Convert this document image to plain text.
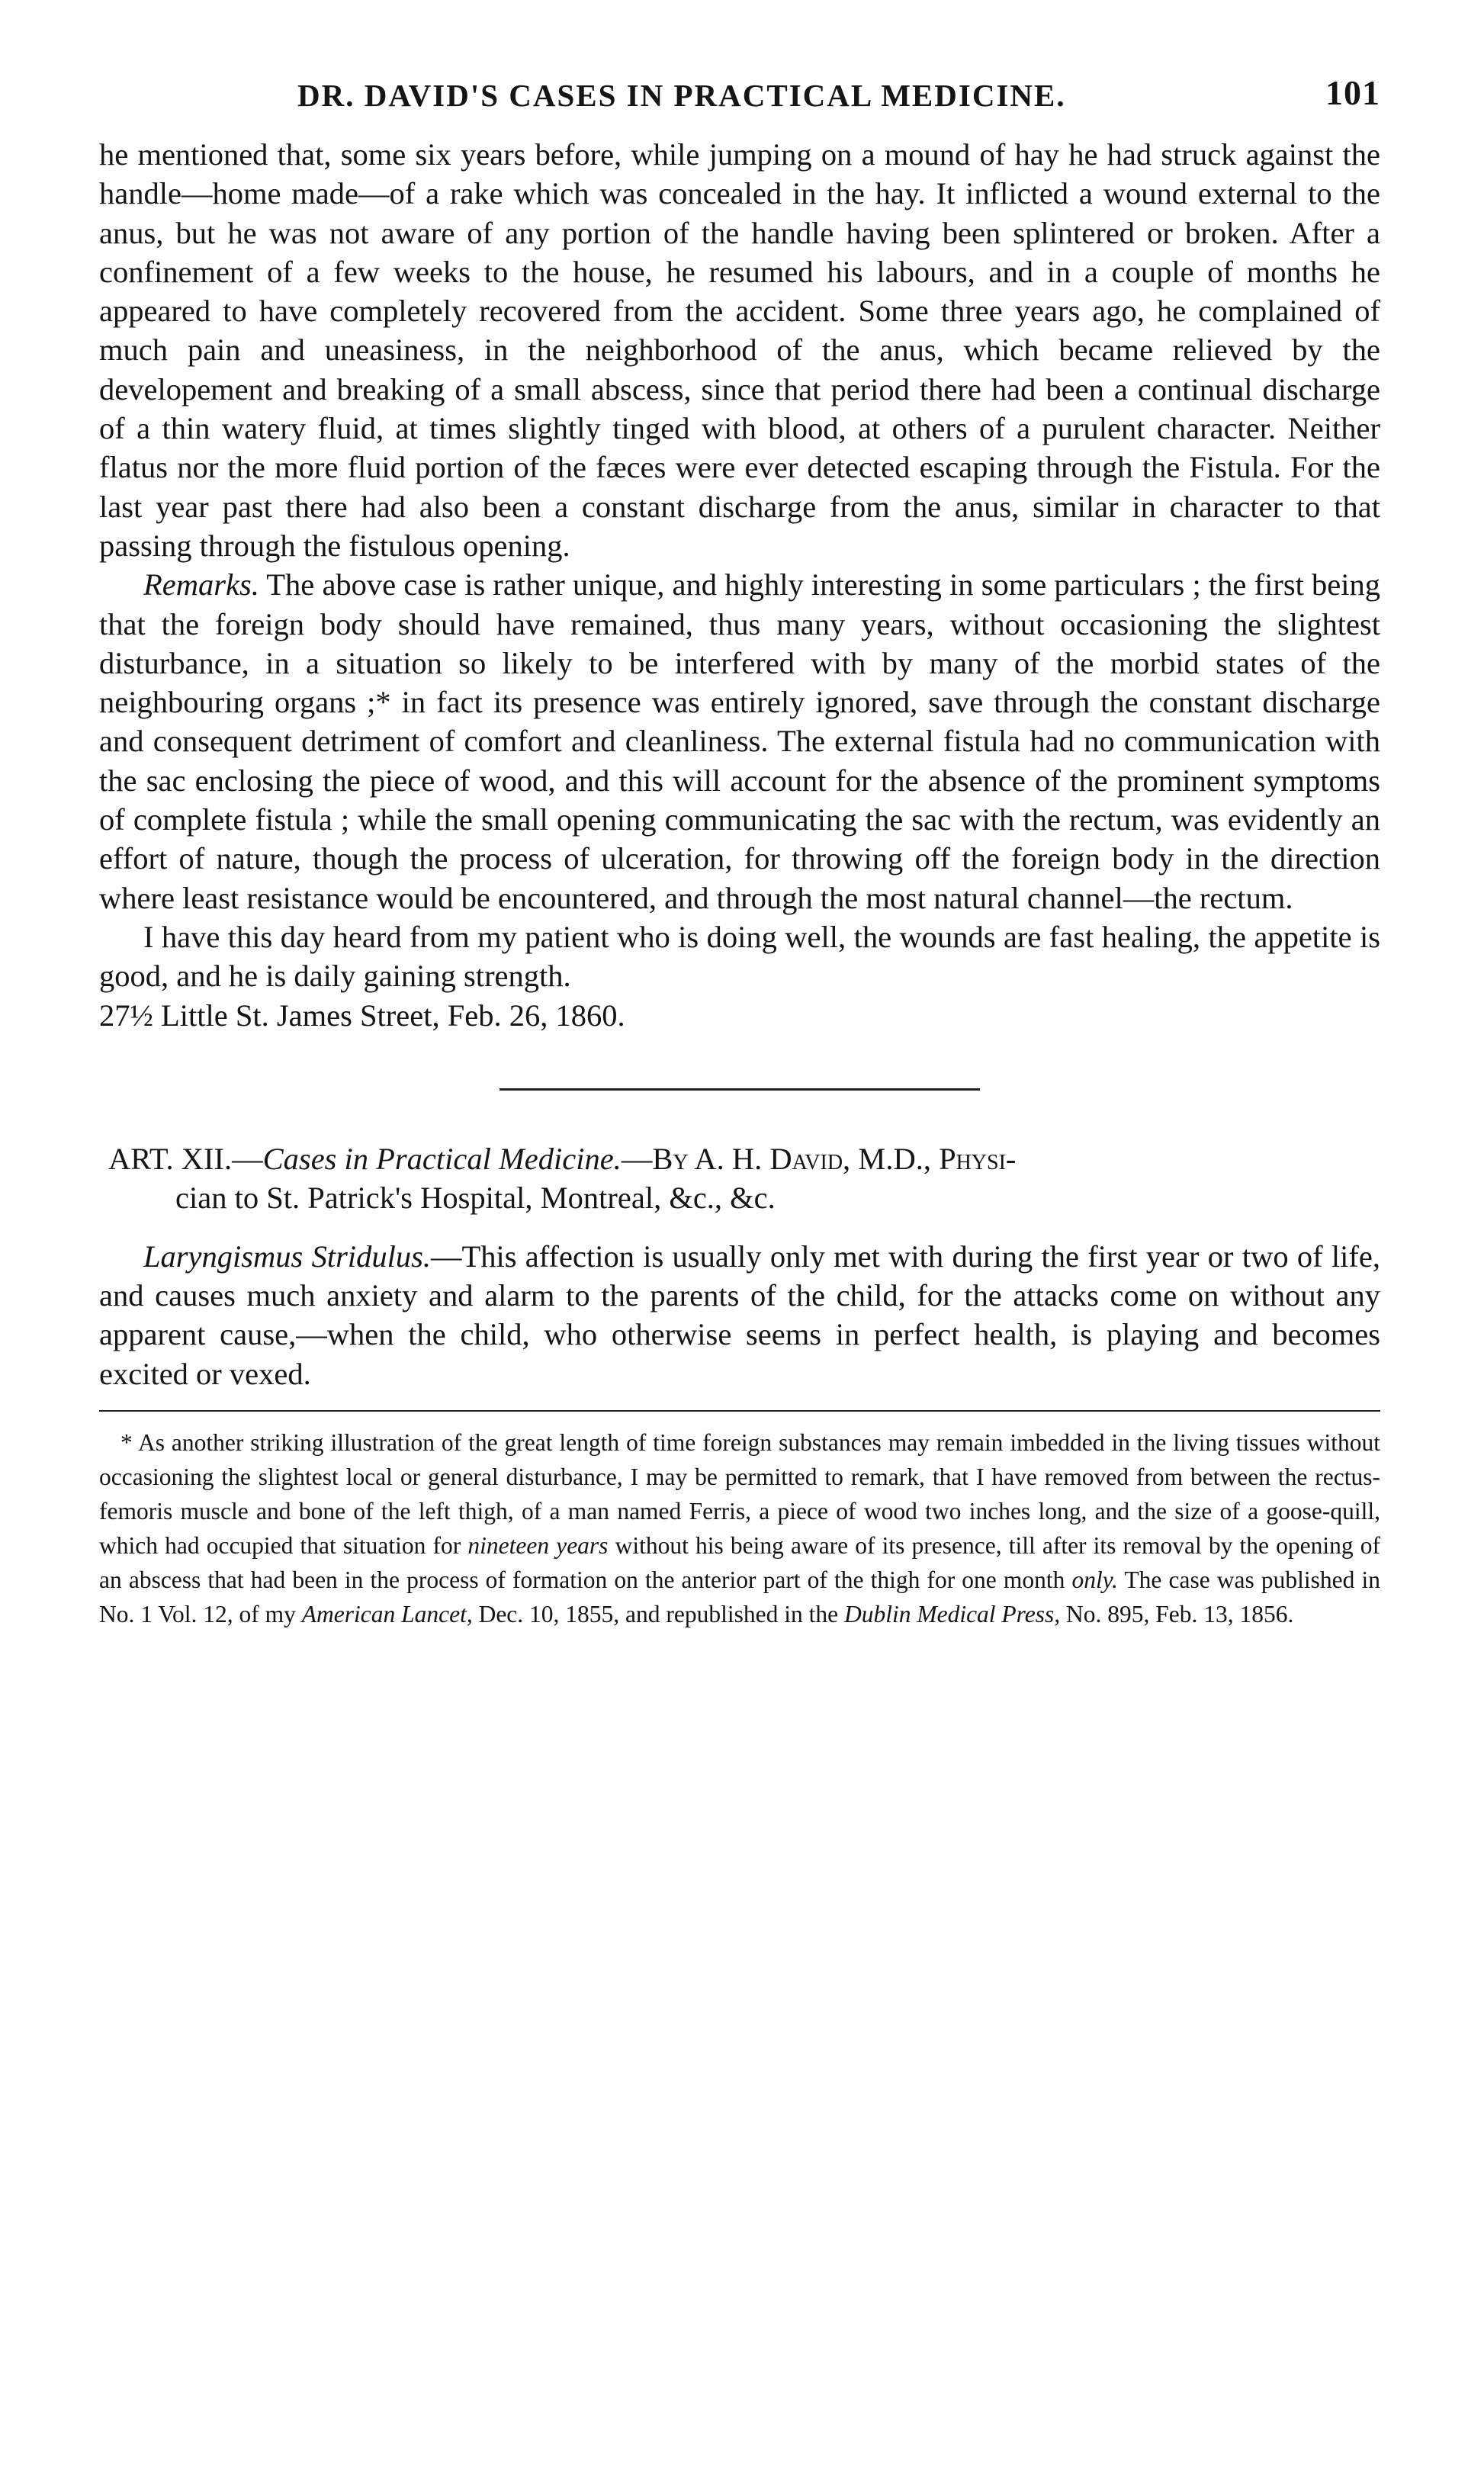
DR. DAVID'S CASES IN PRACTICAL MEDICINE.	101

he mentioned that, some six years before, while jumping on a mound of hay he had struck against the handle—home made—of a rake which was concealed in the hay. It inflicted a wound external to the anus, but he was not aware of any portion of the handle having been splintered or broken. After a confinement of a few weeks to the house, he resumed his labours, and in a couple of months he appeared to have completely recovered from the accident. Some three years ago, he complained of much pain and uneasiness, in the neighborhood of the anus, which became relieved by the developement and breaking of a small abscess, since that period there had been a continual discharge of a thin watery fluid, at times slightly tinged with blood, at others of a purulent character. Neither flatus nor the more fluid portion of the fæces were ever detected escaping through the Fistula. For the last year past there had also been a constant discharge from the anus, similar in character to that passing through the fistulous opening.

Remarks. The above case is rather unique, and highly interesting in some particulars ; the first being that the foreign body should have remained, thus many years, without occasioning the slightest disturbance, in a situation so likely to be interfered with by many of the morbid states of the neighbouring organs ;* in fact its presence was entirely ignored, save through the constant discharge and consequent detriment of comfort and cleanliness. The external fistula had no communication with the sac enclosing the piece of wood, and this will account for the absence of the prominent symptoms of complete fistula ; while the small opening communicating the sac with the rectum, was evidently an effort of nature, though the process of ulceration, for throwing off the foreign body in the direction where least resistance would be encountered, and through the most natural channel—the rectum.

I have this day heard from my patient who is doing well, the wounds are fast healing, the appetite is good, and he is daily gaining strength.

27½ Little St. James Street, Feb. 26, 1860.

ART. XII.—Cases in Practical Medicine.—By A. H. David, M.D., Physi-
cian to St. Patrick's Hospital, Montreal, &c., &c.

Laryngismus Stridulus.—This affection is usually only met with during the first year or two of life, and causes much anxiety and alarm to the parents of the child, for the attacks come on without any apparent cause,—when the child, who otherwise seems in perfect health, is playing and becomes excited or vexed.

* As another striking illustration of the great length of time foreign substances may remain imbedded in the living tissues without occasioning the slightest local or general disturbance, I may be permitted to remark, that I have removed from between the rectus-femoris muscle and bone of the left thigh, of a man named Ferris, a piece of wood two inches long, and the size of a goose-quill, which had occupied that situation for nineteen years without his being aware of its presence, till after its removal by the opening of an abscess that had been in the process of formation on the anterior part of the thigh for one month only. The case was published in No. 1 Vol. 12, of my American Lancet, Dec. 10, 1855, and republished in the Dublin Medical Press, No. 895, Feb. 13, 1856.
